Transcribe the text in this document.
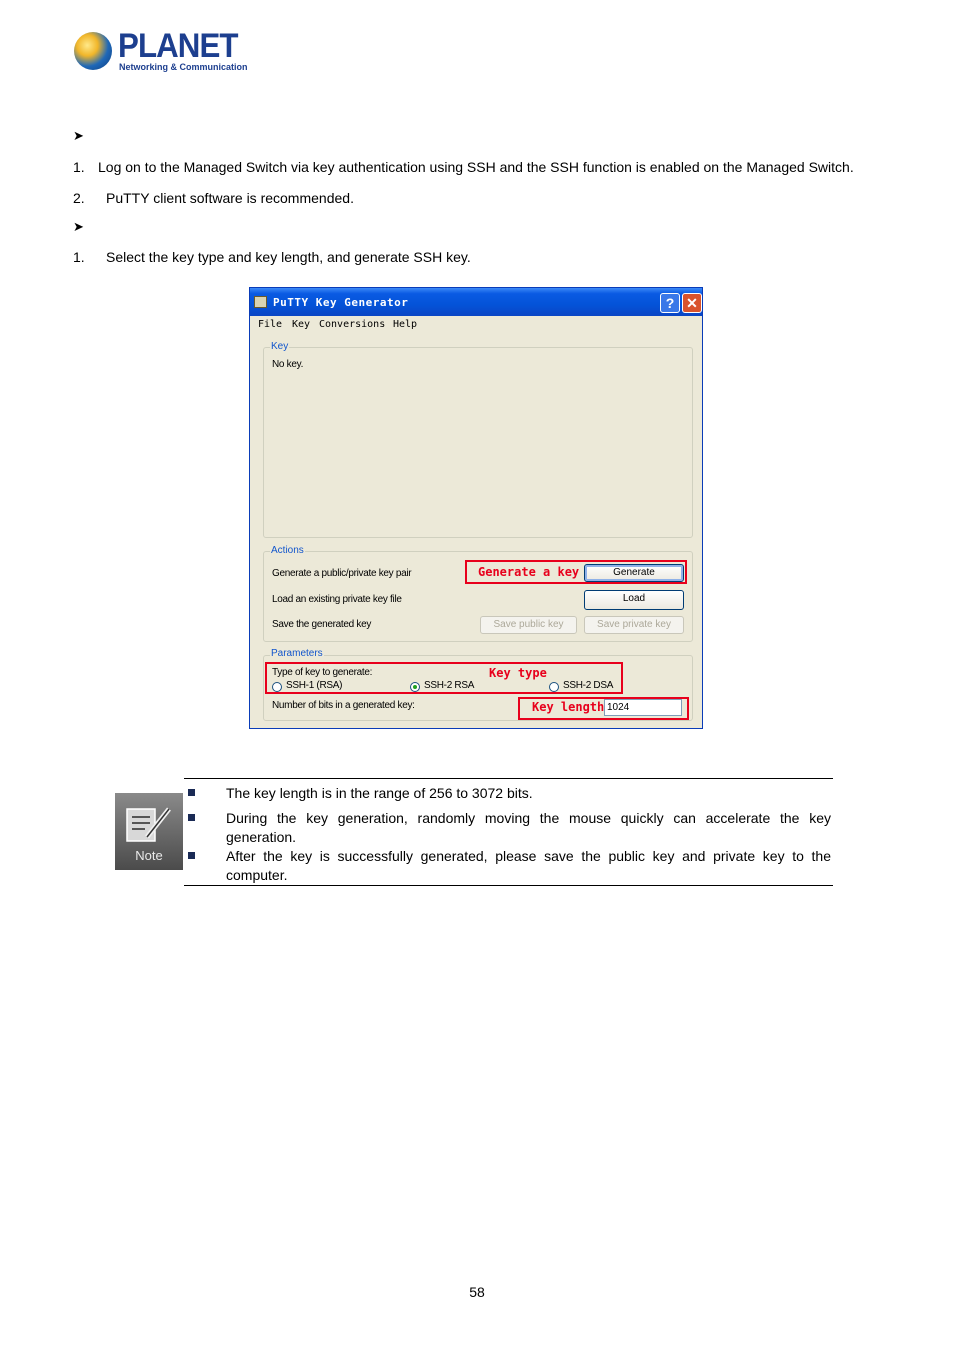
PLANET
Networking & Communication
➤
1. Log on to the Managed Switch via key authentication using SSH and the SSH function is enabled on the Managed Switch.
2. PuTTY client software is recommended.
➤
1. Select the key type and key length, and generate SSH key.
PuTTY Key Generator	? ✕
File Key Conversions Help
Key
No key.
Actions
Generate a public/private key pair	Generate a key	Generate
Load an existing private key file	Load
Save the generated key	Save public key	Save private key
Parameters
Key type
Type of key to generate:
SSH-1 (RSA)	SSH-2 RSA	SSH-2 DSA
Number of bits in a generated key:	Key length 1024
Note
The key length is in the range of 256 to 3072 bits.
During the key generation, randomly moving the mouse quickly can accelerate the key
generation.
After the key is successfully generated, please save the public key and private key to the
computer.
58
